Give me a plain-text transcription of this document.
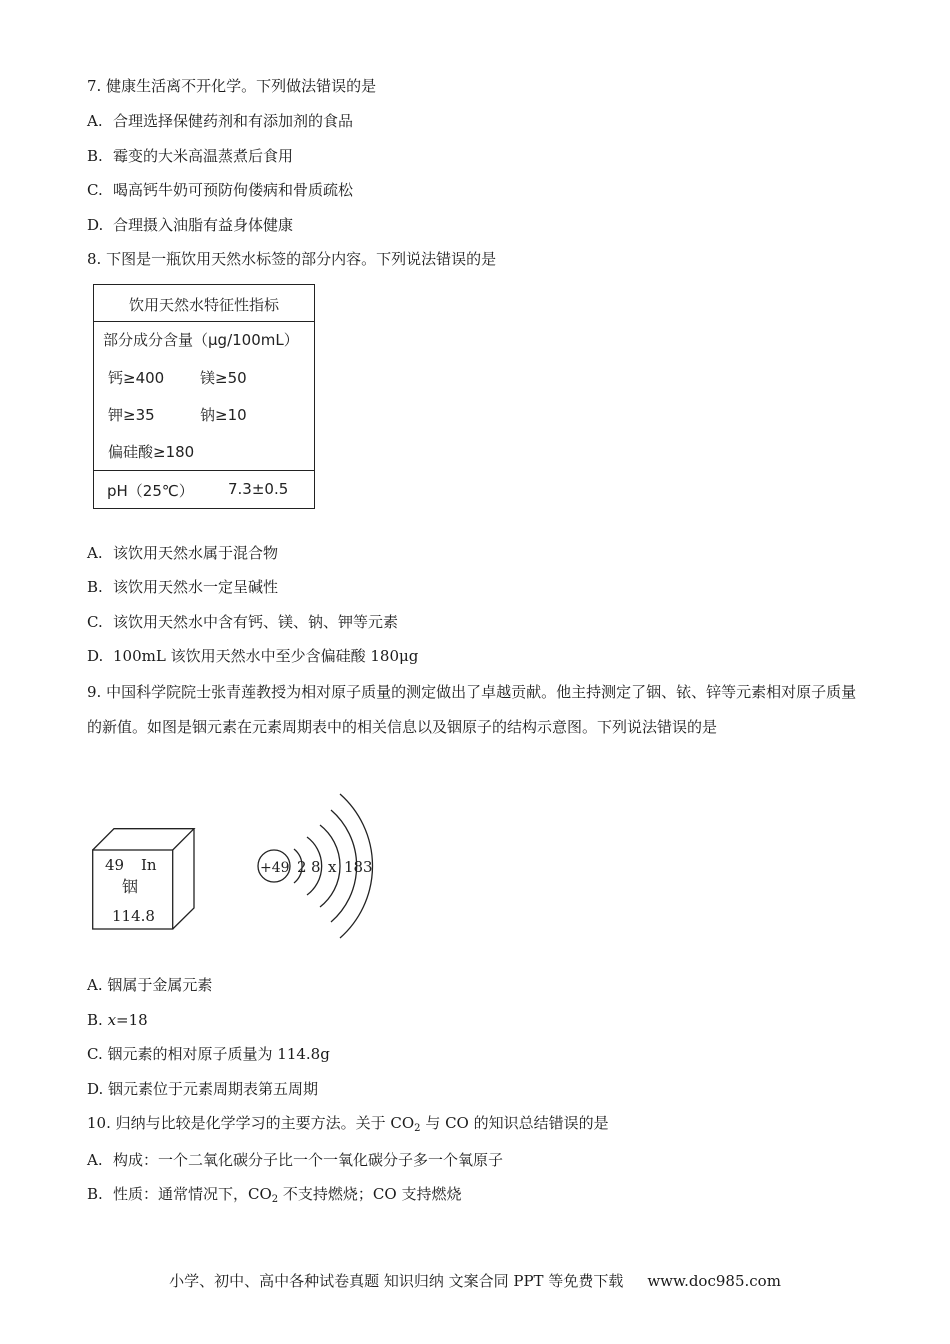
7. 健康生活离不开化学。下列做法错误的是
A. 合理选择保健药剂和有添加剂的食品
B. 霉变的大米高温蒸煮后食用
C. 喝高钙牛奶可预防佝偻病和骨质疏松
D. 合理摄入油脂有益身体健康
8. 下图是一瓶饮用天然水标签的部分内容。下列说法错误的是
饮用天然水特征性指标
部分成分含量（μg/100mL）
钙≥400 镁≥50
钾≥35	钠≥10
偏硅酸≥180
pH（25℃） 7.3±0.5
A. 该饮用天然水属于混合物
B. 该饮用天然水一定呈碱性
C. 该饮用天然水中含有钙、镁、钠、钾等元素
D. 100mL 该饮用天然水中至少含偏硅酸 180μg
9. 中国科学院院士张青莲教授为相对原子质量的测定做出了卓越贡献。他主持测定了铟、铱、锌等元素相对原子质量的新值。如图是铟元素在元素周期表中的相关信息以及铟原子的结构示意图。下列说法错误的是
49 In
铟
114.8
+49 2 8 x 18 3
A. 铟属于金属元素
B. x=18
C. 铟元素的相对原子质量为 114.8g
D. 铟元素位于元素周期表第五周期
10. 归纳与比较是化学学习的主要方法。关于 $CO_2$ 与 CO 的知识总结错误的是
A. 构成：一个二氧化碳分子比一个一氧化碳分子多一个氧原子
B. 性质：通常情况下，$CO_2$ 不支持燃烧；CO 支持燃烧
小学、初中、高中各种试卷真题 知识归纳 文案合同 PPT 等免费下载 www.doc985.com
